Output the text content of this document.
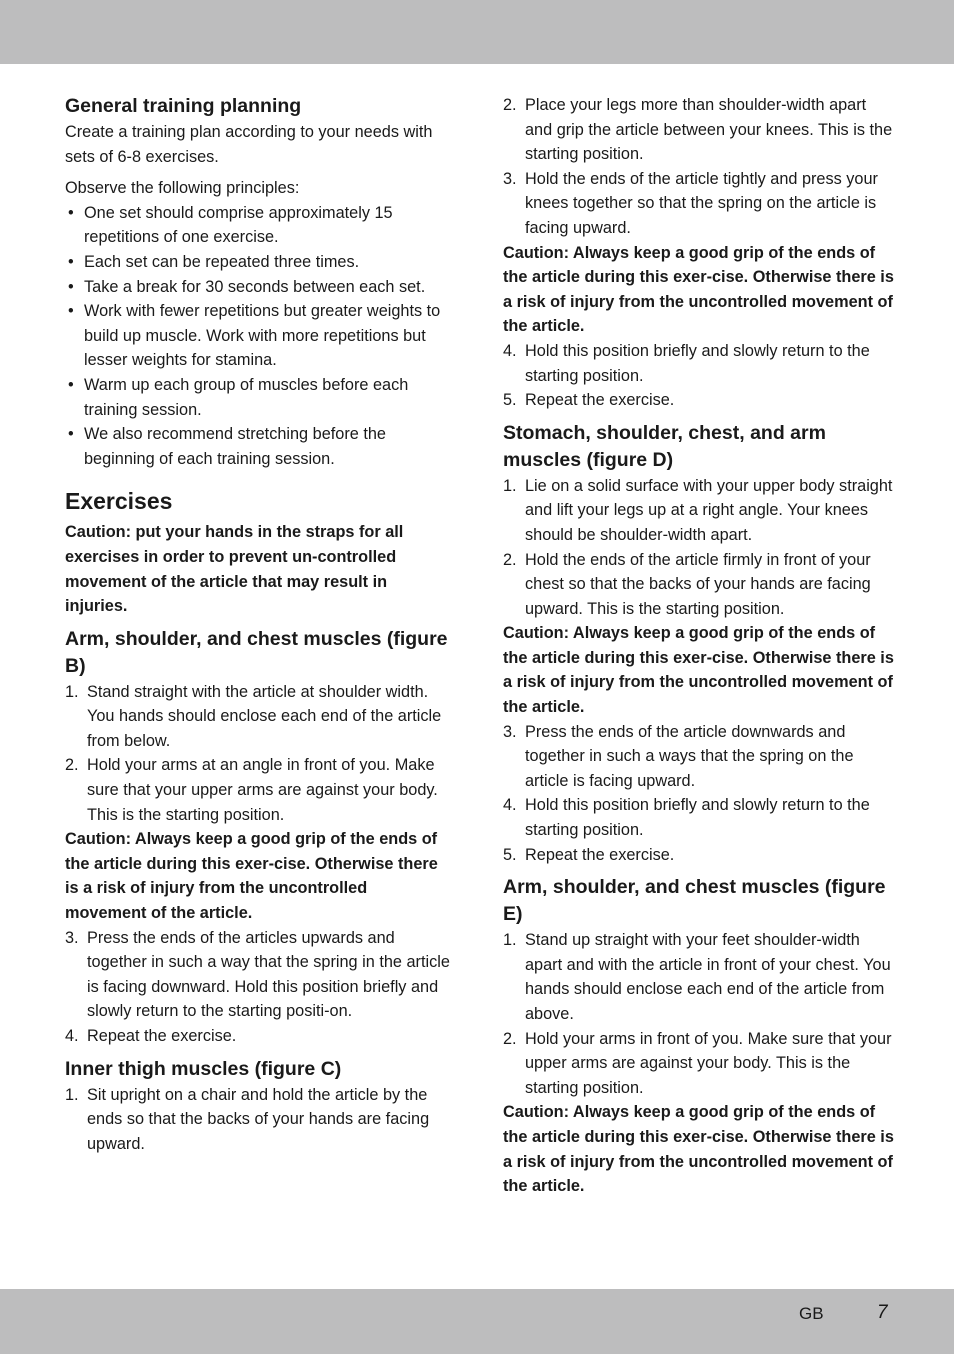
General training planning

Create a training plan according to your needs with sets of 6-8 exercises.

Observe the following principles:

• One set should comprise approximately 15 repetitions of one exercise.
• Each set can be repeated three times.
• Take a break for 30 seconds between each set.
• Work with fewer repetitions but greater weights to build up muscle. Work with more repetitions but lesser weights for stamina.
• Warm up each group of muscles before each training session.
• We also recommend stretching before the beginning of each training session.
Exercises

Caution: put your hands in the straps for all exercises in order to prevent un-controlled movement of the article that may result in injuries.

Arm, shoulder, and chest muscles (figure B)
1. Stand straight with the article at shoulder width. You hands should enclose each end of the article from below.
2. Hold your arms at an angle in front of you. Make sure that your upper arms are against your body. This is the starting position.

Caution: Always keep a good grip of the ends of the article during this exer-cise. Otherwise there is a risk of injury from the uncontrolled movement of the article.

3. Press the ends of the articles upwards and together in such a way that the spring in the article is facing downward. Hold this position briefly and slowly return to the starting positi-on.
4. Repeat the exercise.
Inner thigh muscles (figure C)
1. Sit upright on a chair and hold the article by the ends so that the backs of your hands are facing upward.
2. Place your legs more than shoulder-width apart and grip the article between your knees. This is the starting position.
3. Hold the ends of the article tightly and press your knees together so that the spring on the article is facing upward.

Caution: Always keep a good grip of the ends of the article during this exer-cise. Otherwise there is a risk of injury from the uncontrolled movement of the article.

4. Hold this position briefly and slowly return to the starting position.
5. Repeat the exercise.
Stomach, shoulder, chest, and arm muscles (figure D)
1. Lie on a solid surface with your upper body straight and lift your legs up at a right angle. Your knees should be shoulder-width apart.
2. Hold the ends of the article firmly in front of your chest so that the backs of your hands are facing upward. This is the starting position.

Caution: Always keep a good grip of the ends of the article during this exer-cise. Otherwise there is a risk of injury from the uncontrolled movement of the article.

3. Press the ends of the article downwards and together in such a ways that the spring on the article is facing upward.
4. Hold this position briefly and slowly return to the starting position.
5. Repeat the exercise.
Arm, shoulder, and chest muscles (figure E)
1. Stand up straight with your feet shoulder-width apart and with the article in front of your chest. You hands should enclose each end of the article from above.
2. Hold your arms in front of you. Make sure that your upper arms are against your body. This is the starting position.

Caution: Always keep a good grip of the ends of the article during this exer-cise. Otherwise there is a risk of injury from the uncontrolled movement of the article.

GB	7
